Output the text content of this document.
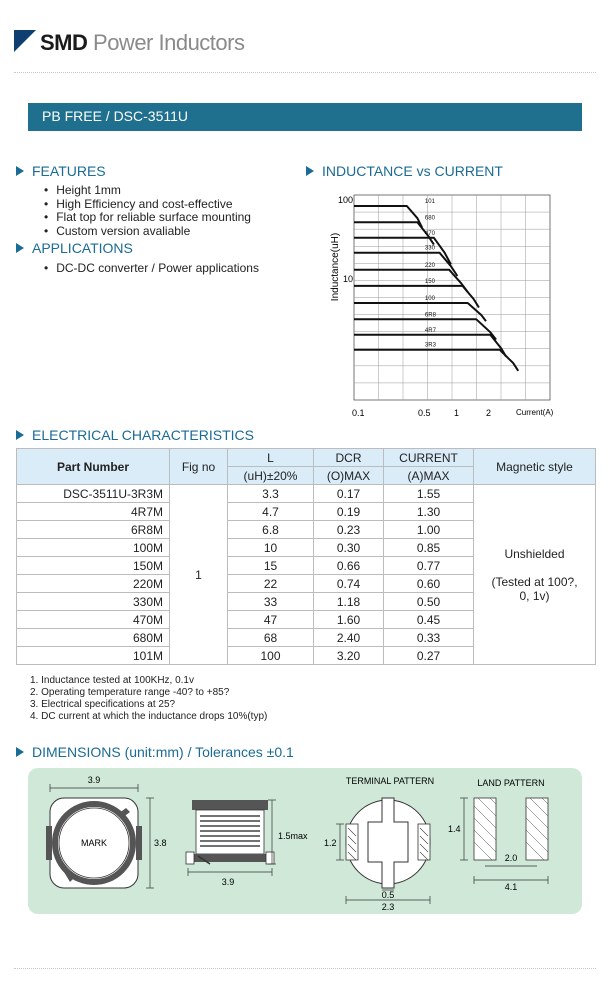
SMD Power Inductors
PB FREE / DSC-3511U
FEATURES
• Height 1mm
• High Efficiency and cost-effective
• Flat top for reliable surface mounting
• Custom version avaliable
APPLICATIONS
• DC-DC converter / Power applications
INDUCTANCE vs CURRENT
101
680
470
330
220
150
100
6R8
4R7
3R3
Inductance(uH)
Current(A)
100
10
0.1	0.5	1	2
ELECTRICAL CHARACTERISTICS
Part Number	Fig no	L	DCR	CURRENT	Magnetic style
		(uH)±20%	(O)MAX	(A)MAX	
DSC-3511U-3R3M	1	3.3	0.17	1.55	Unshielded
(Tested at 100?, 0, 1v)

4R7M		4.7	0.19	1.30	
6R8M		6.8	0.23	1.00	
100M		10	0.30	0.85	
150M		15	0.66	0.77	
220M		22	0.74	0.60	
330M		33	1.18	0.50	
470M		47	1.60	0.45	
680M		68	2.40	0.33	
101M		100	3.20	0.27	
1. Inductance tested at 100KHz, 0.1v
2. Operating temperature range -40? to +85?
3. Electrical specifications at 25?
4. DC current at which the inductance drops 10%(typ)
DIMENSIONS (unit:mm) / Tolerances ±0.1
3.9
3.8
MARK
1.5max
3.9
TERMINAL PATTERN
1.2
0.5
2.3
LAND PATTERN
1.4
2.0
4.1
